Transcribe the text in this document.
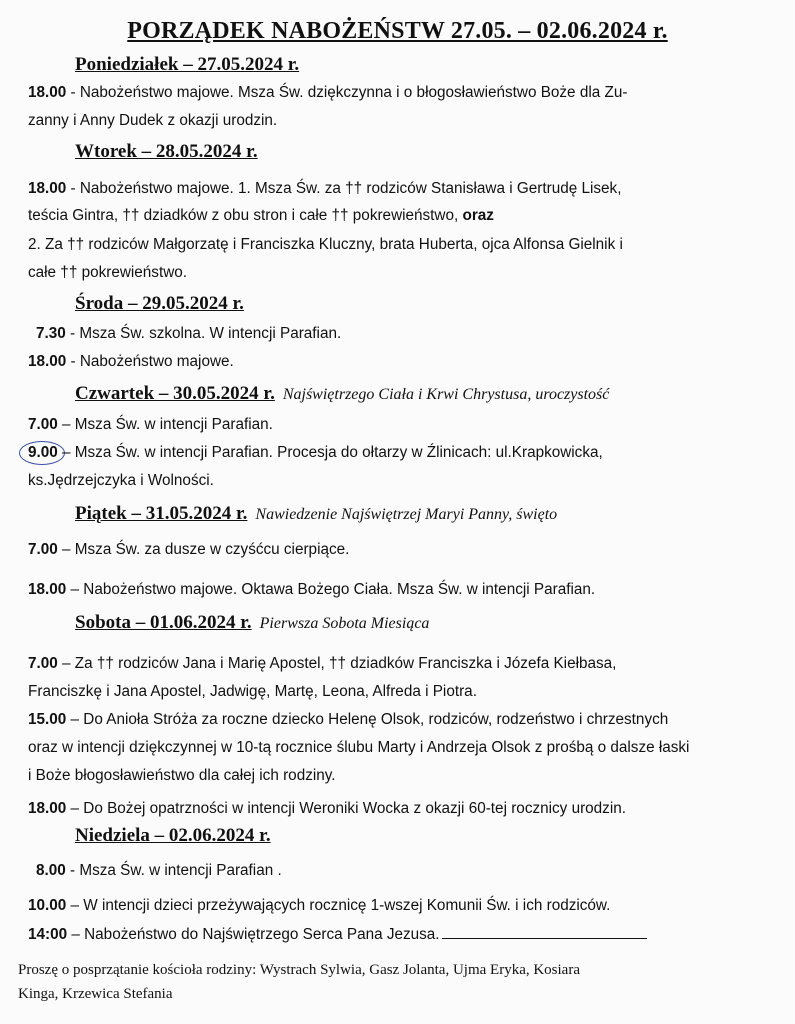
PORZĄDEK NABOŻEŃSTW 27.05. – 02.06.2024 r.
Poniedziałek – 27.05.2024 r.
18.00 - Nabożeństwo majowe. Msza Św. dziękczynna i o błogosławieństwo Boże dla Zu-
zanny i Anny Dudek z okazji urodzin.
Wtorek – 28.05.2024 r.
18.00 - Nabożeństwo majowe. 1. Msza Św. za †† rodziców Stanisława i Gertrudę Lisek,
teścia Gintra, †† dziadków z obu stron i całe †† pokrewieństwo, oraz
2. Za †† rodziców Małgorzatę i Franciszka Kluczny, brata Huberta, ojca Alfonsa Gielnik i
całe †† pokrewieństwo.
Środa – 29.05.2024 r.
7.30 - Msza Św. szkolna. W intencji Parafian.
18.00 - Nabożeństwo majowe.
Czwartek – 30.05.2024 r. Najświętrzego Ciała i Krwi Chrystusa, uroczystość
7.00 – Msza Św. w intencji Parafian.
9.00 – Msza Św. w intencji Parafian. Procesja do ołtarzy w Źlinicach: ul.Krapkowicka,
ks.Jędrzejczyka i Wolności.
Piątek – 31.05.2024 r. Nawiedzenie Najświętrzej Maryi Panny, święto
7.00 – Msza Św. za dusze w czyśćcu cierpiące.
18.00 – Nabożeństwo majowe. Oktawa Bożego Ciała. Msza Św. w intencji Parafian.
Sobota – 01.06.2024 r. Pierwsza Sobota Miesiąca
7.00 – Za †† rodziców Jana i Marię Apostel, †† dziadków Franciszka i Józefa Kiełbasa,
Franciszkę i Jana Apostel, Jadwigę, Martę, Leona, Alfreda i Piotra.
15.00 – Do Anioła Stróża za roczne dziecko Helenę Olsok, rodziców, rodzeństwo i chrzestnych
oraz w intencji dziękczynnej w 10-tą rocznice ślubu Marty i Andrzeja Olsok z prośbą o dalsze łaski
i Boże błogosławieństwo dla całej ich rodziny.
18.00 – Do Bożej opatrzności w intencji Weroniki Wocka z okazji 60-tej rocznicy urodzin.
Niedziela – 02.06.2024 r.
8.00 - Msza Św. w intencji Parafian .
10.00 – W intencji dzieci przeżywających rocznicę 1-wszej Komunii Św. i ich rodziców.
14:00 – Nabożeństwo do Najświętrzego Serca Pana Jezusa.
Proszę o posprzątanie kościoła rodziny: Wystrach Sylwia, Gasz Jolanta, Ujma Eryka, Kosiara
Kinga, Krzewica Stefania
